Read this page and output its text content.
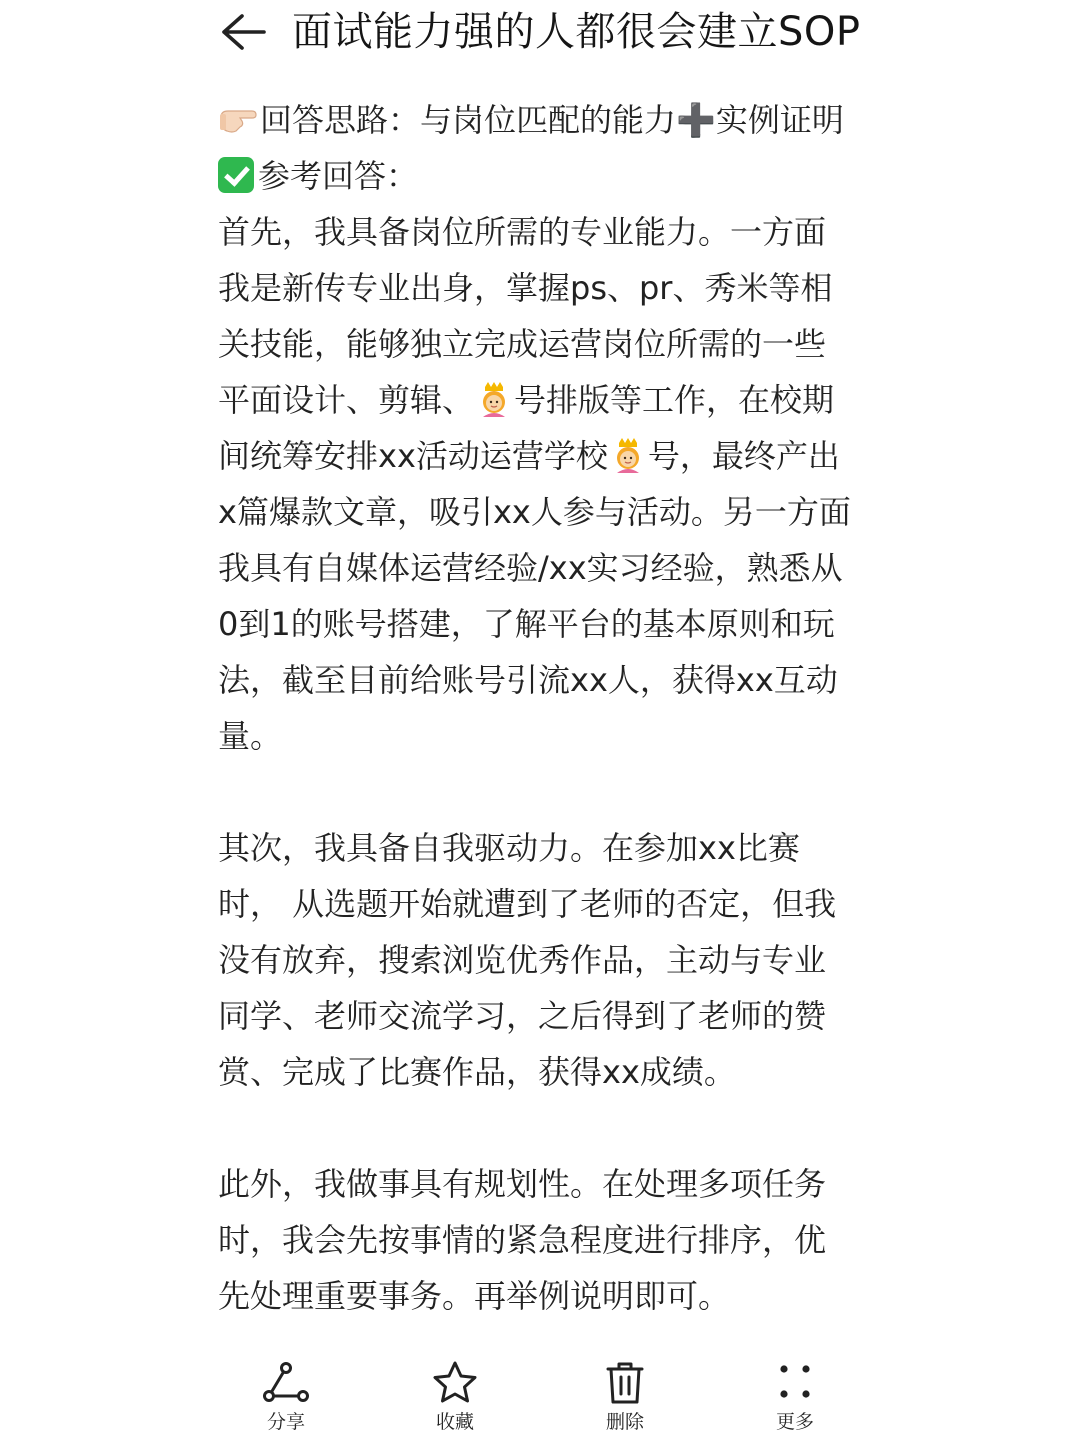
面试能力强的人都很会建立SOP
回答思路：与岗位匹配的能力➕实例证明
参考回答：
首先，我具备岗位所需的专业能力。一方面
我是新传专业出身，掌握ps、pr、秀米等相
关技能，能够独立完成运营岗位所需的一些
平面设计、剪辑、 号排版等工作，在校期
间统筹安排xx活动运营学校 号，最终产出
x篇爆款文章，吸引xx人参与活动。另一方面
我具有自媒体运营经验/xx实习经验，熟悉从
0到1的账号搭建，了解平台的基本原则和玩
法，截至目前给账号引流xx人，获得xx互动
量。
其次，我具备自我驱动力。在参加xx比赛
时， 从选题开始就遭到了老师的否定，但我
没有放弃，搜索浏览优秀作品，主动与专业
同学、老师交流学习，之后得到了老师的赞
赏、完成了比赛作品，获得xx成绩。
此外，我做事具有规划性。在处理多项任务
时，我会先按事情的紧急程度进行排序，优
先处理重要事务。再举例说明即可。
分享	收藏	删除	更多
